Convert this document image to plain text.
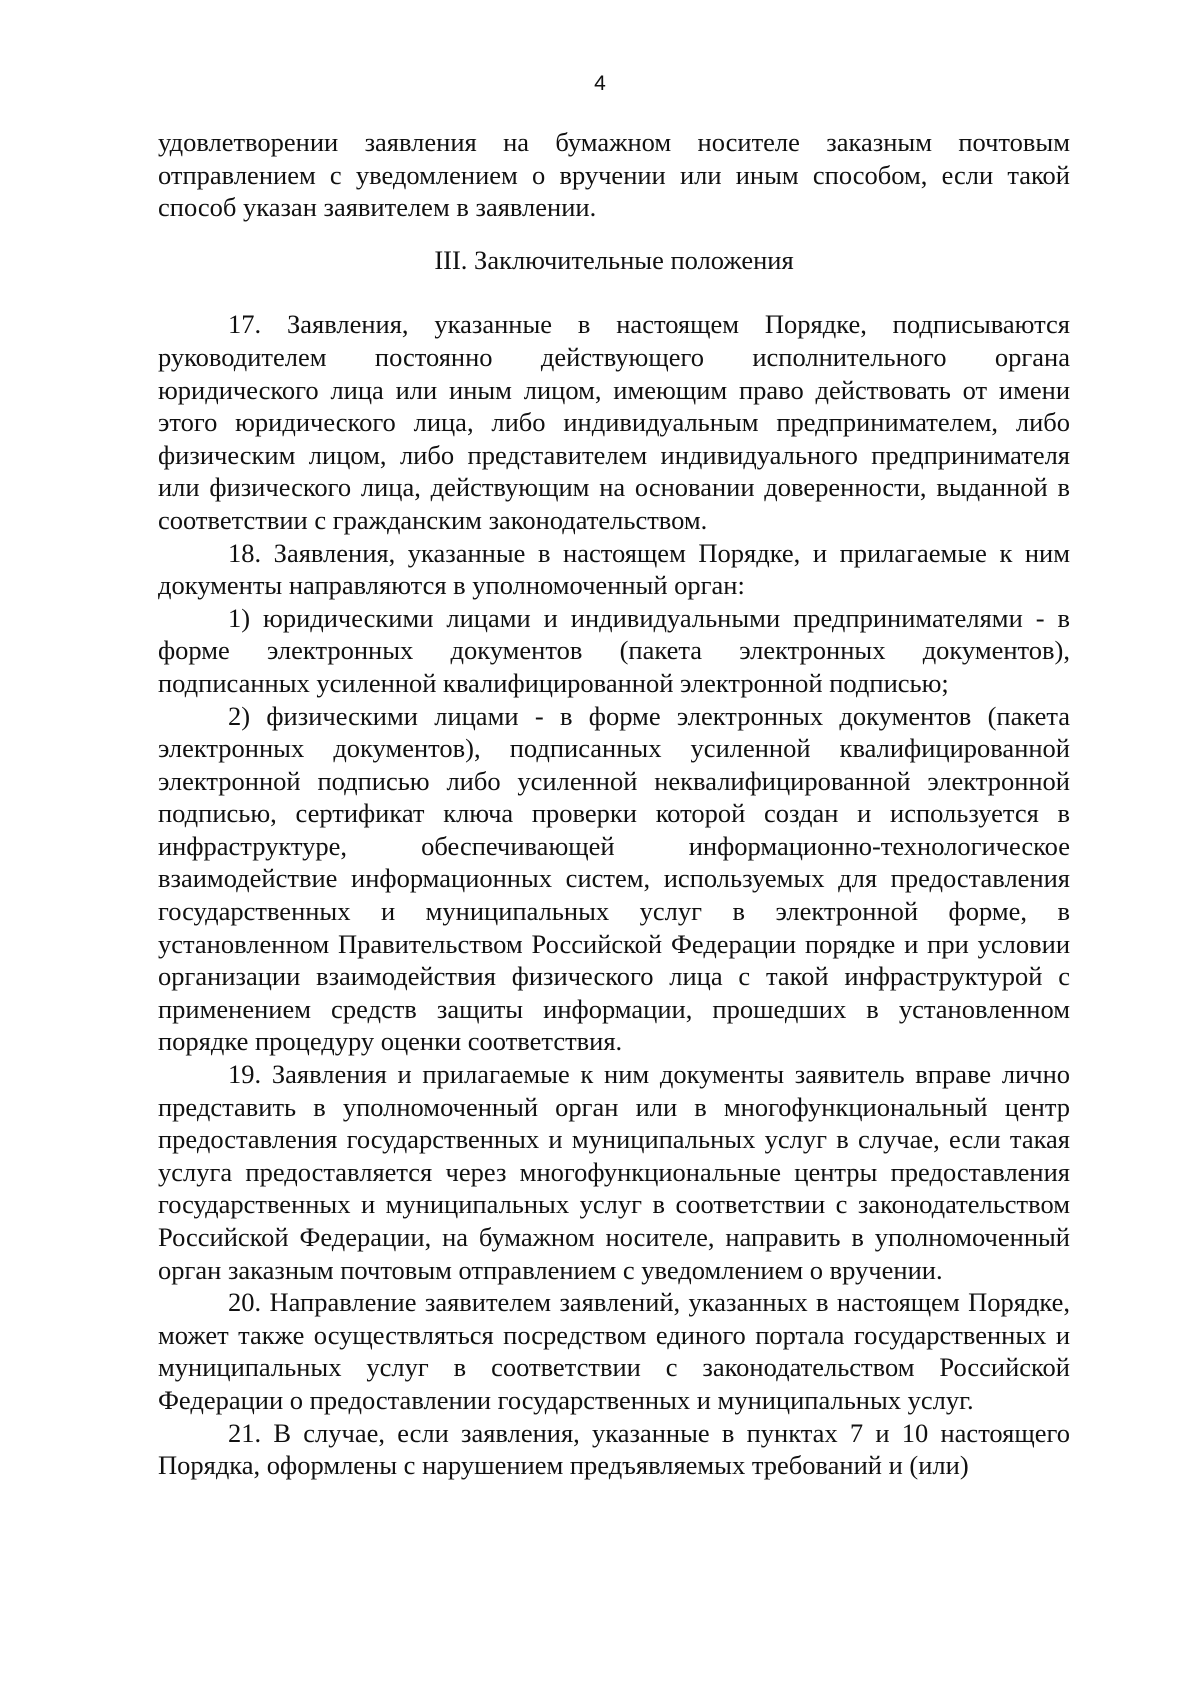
4

удовлетворении заявления на бумажном носителе заказным почтовым отправлением с уведомлением о вручении или иным способом, если такой способ указан заявителем в заявлении.

III. Заключительные положения

17. Заявления, указанные в настоящем Порядке, подписываются руководителем постоянно действующего исполнительного органа юридического лица или иным лицом, имеющим право действовать от имени этого юридического лица, либо индивидуальным предпринимателем, либо физическим лицом, либо представителем индивидуального предпринимателя или физического лица, действующим на основании доверенности, выданной в соответствии с гражданским законодательством.

18. Заявления, указанные в настоящем Порядке, и прилагаемые к ним документы направляются в уполномоченный орган:

1) юридическими лицами и индивидуальными предпринимателями - в форме электронных документов (пакета электронных документов), подписанных усиленной квалифицированной электронной подписью;

2) физическими лицами - в форме электронных документов (пакета электронных документов), подписанных усиленной квалифицированной электронной подписью либо усиленной неквалифицированной электронной подписью, сертификат ключа проверки которой создан и используется в инфраструктуре, обеспечивающей информационно-технологическое взаимодействие информационных систем, используемых для предоставления государственных и муниципальных услуг в электронной форме, в установленном Правительством Российской Федерации порядке и при условии организации взаимодействия физического лица с такой инфраструктурой с применением средств защиты информации, прошедших в установленном порядке процедуру оценки соответствия.

19. Заявления и прилагаемые к ним документы заявитель вправе лично представить в уполномоченный орган или в многофункциональный центр предоставления государственных и муниципальных услуг в случае, если такая услуга предоставляется через многофункциональные центры предоставления государственных и муниципальных услуг в соответствии с законодательством Российской Федерации, на бумажном носителе, направить в уполномоченный орган заказным почтовым отправлением с уведомлением о вручении.

20. Направление заявителем заявлений, указанных в настоящем Порядке, может также осуществляться посредством единого портала государственных и муниципальных услуг в соответствии с законодательством Российской Федерации о предоставлении государственных и муниципальных услуг.

21. В случае, если заявления, указанные в пунктах 7 и 10 настоящего Порядка, оформлены с нарушением предъявляемых требований и (или)
